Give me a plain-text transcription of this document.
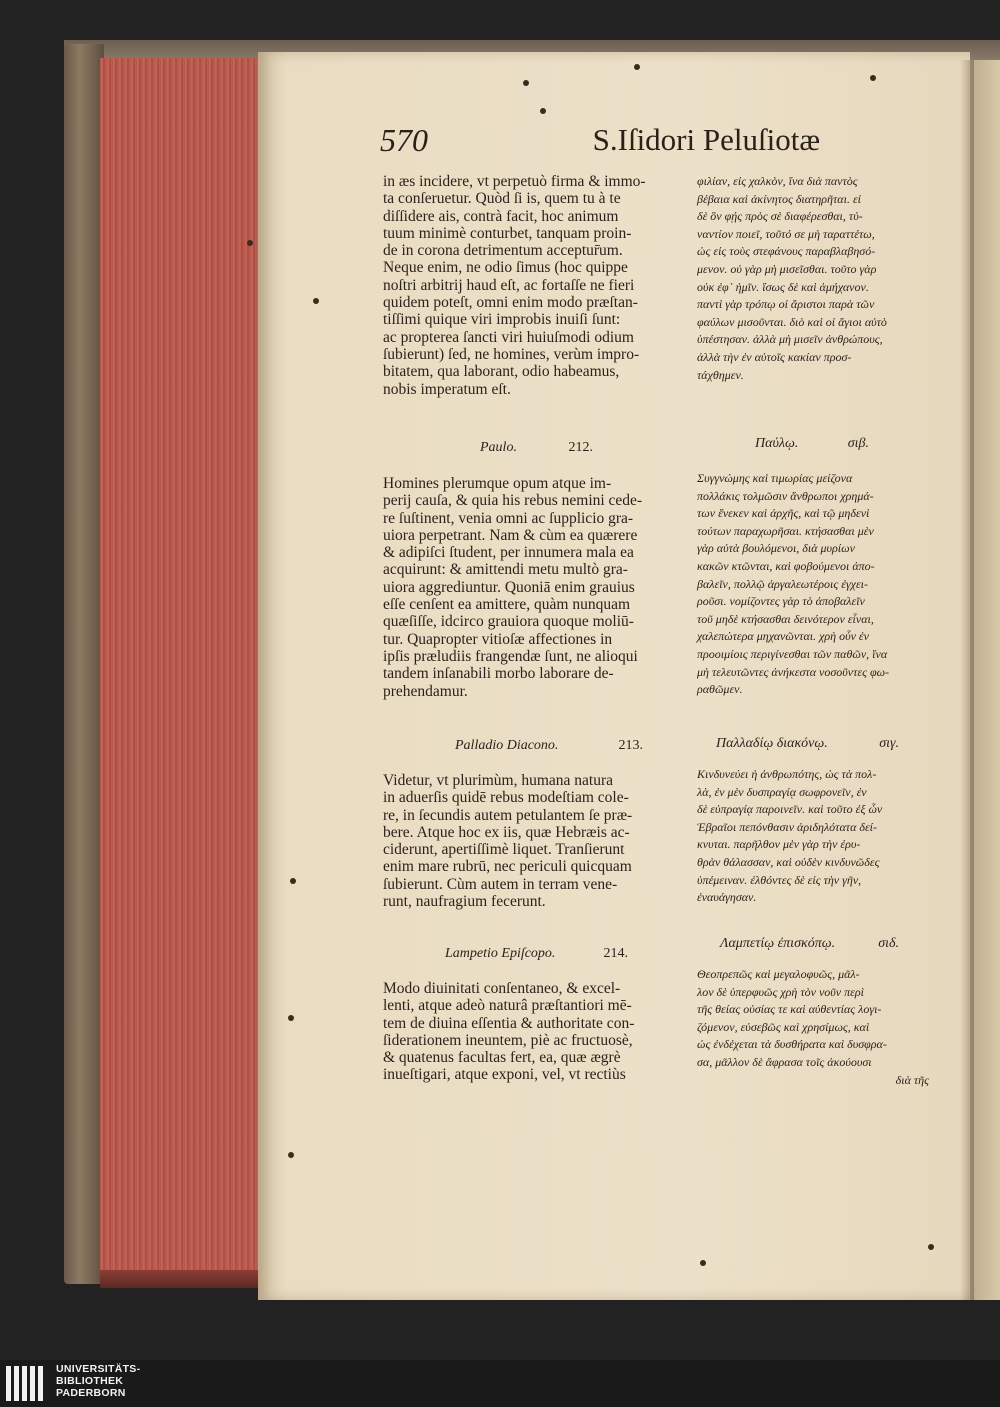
570	S.Iſidori Peluſiotæ

in æs incidere, vt perpetuò firma & immo-

ta conſeruetur. Quòd ſi is, quem tu à te

diſſidere ais, contrà facit, hoc animum

tuum minimè conturbet, tanquam proin-

de in corona detrimentum acceptur̄um.

Neque enim, ne odio ſimus (hoc quippe

noſtri arbitrij haud eſt, ac fortaſſe ne fieri

quidem poteſt, omni enim modo præſtan-

tiſſimi quique viri improbis inuiſi ſunt:

ac propterea ſancti viri huiuſmodi odium

ſubierunt) ſed, ne homines, verùm impro-

bitatem, qua laborant, odio habeamus,

nobis imperatum eſt.

Paulo.	212.

Homines plerumque opum atque im-

perij cauſa, & quia his rebus nemini cede-

re ſuſtinent, venia omni ac ſupplicio gra-

uiora perpetrant. Nam & cùm ea quærere

& adipiſci ſtudent, per innumera mala ea

acquirunt: & amittendi metu multò gra-

uiora aggrediuntur. Quoniā enim grauius

eſſe cenſent ea amittere, quàm nunquam

quæſiſſe, idcirco grauiora quoque moliū-

tur. Quapropter vitioſæ affectiones in

ipſis præludiis frangendæ ſunt, ne alioqui

tandem inſanabili morbo laborare de-

prehendamur.

Palladio Diacono.	213.

Videtur, vt plurimùm, humana natura

in aduerſis quidē rebus modeſtiam cole-

re, in ſecundis autem petulantem ſe præ-

bere. Atque hoc ex iis, quæ Hebræis ac-

ciderunt, apertiſſimè liquet. Tranſierunt

enim mare rubrū, nec periculi quicquam

ſubierunt. Cùm autem in terram vene-

runt, naufragium fecerunt.

Lampetio Epiſcopo.	214.

Modo diuinitati conſentaneo, & excel-

lenti, atque adeò naturâ præſtantiori mē-

tem de diuina eſſentia & authoritate con-

ſiderationem ineuntem, piè ac fructuosè,

& quatenus facultas fert, ea, quæ ægrè

inueſtigari, atque exponi, vel, vt rectiùs

φιλίαν, εἰς χαλκὸν, ἵνα διὰ παντὸς

βέβαια καὶ ἀκίνητος διατηρῆται. εἰ

δὲ ὃν φῄς πρὸς σὲ διαφέρεσθαι, τὐ-

ναντίον ποιεῖ, τοῦτό σε μὴ ταραττέτω,

ὡς εἰς τοὺς στεφάνους παραβλαβησό-

μενον. οὐ γὰρ μὴ μισεῖσθαι. τοῦτο γὰρ

οὐκ ἐφ᾽ ἡμῖν. ἴσως δὲ καὶ ἀμήχανον.

παντὶ γὰρ τρόπῳ οἱ ἄριστοι παρὰ τῶν

φαύλων μισοῦνται. διὸ καὶ οἱ ἅγιοι αὐτὸ

ὑπέστησαν. ἀλλὰ μὴ μισεῖν ἀνθρώπους,

ἀλλὰ τὴν ἐν αὐτοῖς κακίαν προσ-

τάχθημεν.

Παύλῳ.	σιβ.

Συγγνώμης καὶ τιμωρίας μείζονα

πολλάκις τολμῶσιν ἄνθρωποι χρημά-

των ἕνεκεν καὶ ἀρχῆς, καὶ τῷ μηδενὶ

τούτων παραχωρῆσαι. κτήσασθαι μὲν

γὰρ αὐτὰ βουλόμενοι, διὰ μυρίων

κακῶν κτῶνται, καὶ φοβούμενοι ἀπο-

βαλεῖν, πολλῷ ἀργαλεωτέροις ἐγχει-

ροῦσι. νομίζοντες γὰρ τὸ ἀποβαλεῖν

τοῦ μηδὲ κτήσασθαι δεινότερον εἶναι,

χαλεπώτερα μηχανῶνται. χρὴ οὖν ἐν

προοιμίοις περιγίνεσθαι τῶν παθῶν, ἵνα

μὴ τελευτῶντες ἀνήκεστα νοσοῦντες φω-

ραθῶμεν.

Παλλαδίῳ διακόνῳ.	σιγ.

Κινδυνεύει ἡ ἀνθρωπότης, ὡς τὰ πολ-

λὰ, ἐν μὲν δυσπραγίᾳ σωφρονεῖν, ἐν

δὲ εὐπραγίᾳ παροινεῖν. καὶ τοῦτο ἐξ ὧν

Ἑβραῖοι πεπόνθασιν ἀριδηλότατα δεί-

κνυται. παρῆλθον μὲν γὰρ τὴν ἐρυ-

θρὰν θάλασσαν, καὶ οὐδὲν κινδυνῶδες

ὑπέμειναν. ἐλθόντες δὲ εἰς τὴν γῆν,

ἐναυάγησαν.

Λαμπετίῳ ἐπισκόπῳ.	σιδ.

Θεοπρεπῶς καὶ μεγαλοφυῶς, μᾶλ-

λον δὲ ὑπερφυῶς χρὴ τὸν νοῦν περὶ

τῆς θείας οὐσίας τε καὶ αὐθεντίας λογι-

ζόμενον, εὐσεβῶς καὶ χρησίμως, καὶ

ὡς ἐνδέχεται τὰ δυσθήρατα καὶ δυσφρα-

σα, μᾶλλον δὲ ἄφρασα τοῖς ἀκούουσι

διὰ τῆς

UNIVERSITÄTS-
BIBLIOTHEK
PADERBORN
